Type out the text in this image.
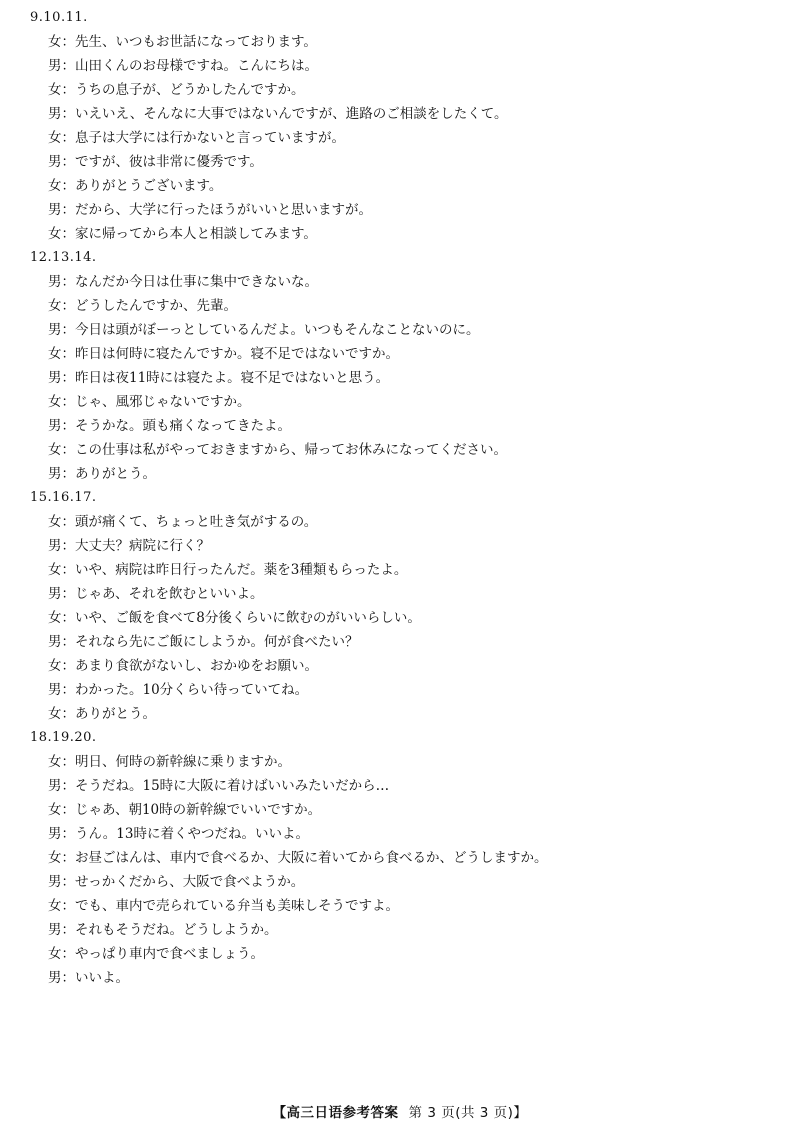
9.10.11.
女：先生、いつもお世話になっております。
男：山田くんのお母様ですね。こんにちは。
女：うちの息子が、どうかしたんですか。
男：いえいえ、そんなに大事ではないんですが、進路のご相談をしたくて。
女：息子は大学には行かないと言っていますが。
男：ですが、彼は非常に優秀です。
女：ありがとうございます。
男：だから、大学に行ったほうがいいと思いますが。
女：家に帰ってから本人と相談してみます。
12.13.14.
男：なんだか今日は仕事に集中できないな。
女：どうしたんですか、先輩。
男：今日は頭がぼーっとしているんだよ。いつもそんなことないのに。
女：昨日は何時に寝たんですか。寝不足ではないですか。
男：昨日は夜11時には寝たよ。寝不足ではないと思う。
女：じゃ、風邪じゃないですか。
男：そうかな。頭も痛くなってきたよ。
女：この仕事は私がやっておきますから、帰ってお休みになってください。
男：ありがとう。
15.16.17.
女：頭が痛くて、ちょっと吐き気がするの。
男：大丈夫？病院に行く？
女：いや、病院は昨日行ったんだ。薬を3種類もらったよ。
男：じゃあ、それを飲むといいよ。
女：いや、ご飯を食べて8分後くらいに飲むのがいいらしい。
男：それなら先にご飯にしようか。何が食べたい？
女：あまり食欲がないし、おかゆをお願い。
男：わかった。10分くらい待っていてね。
女：ありがとう。
18.19.20.
女：明日、何時の新幹線に乗りますか。
男：そうだね。15時に大阪に着けばいいみたいだから…
女：じゃあ、朝10時の新幹線でいいですか。
男：うん。13時に着くやつだね。いいよ。
女：お昼ごはんは、車内で食べるか、大阪に着いてから食べるか、どうしますか。
男：せっかくだから、大阪で食べようか。
女：でも、車内で売られている弁当も美味しそうですよ。
男：それもそうだね。どうしようか。
女：やっぱり車内で食べましょう。
男：いいよ。
【高三日语参考答案 第 3 页(共 3 页)】
